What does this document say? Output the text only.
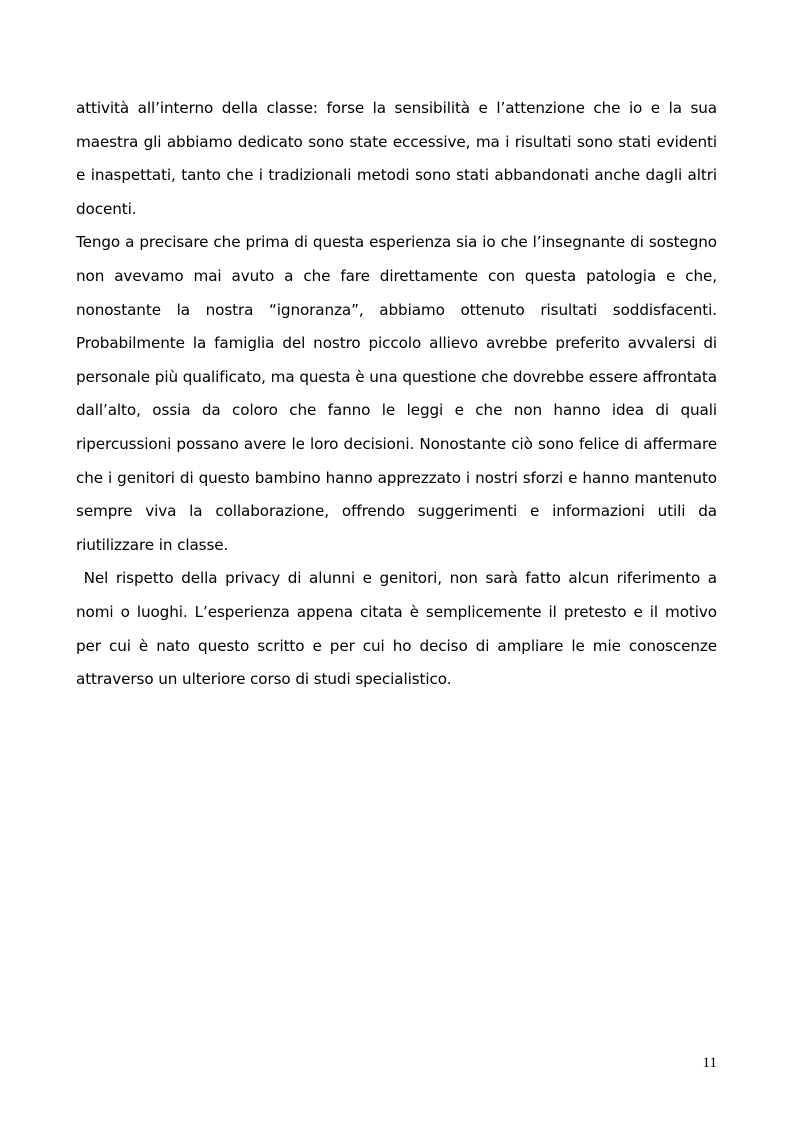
attività all’interno della classe: forse la sensibilità e l’attenzione che io e la sua maestra gli abbiamo dedicato sono state eccessive, ma i risultati sono stati evidenti e inaspettati, tanto che i tradizionali metodi sono stati abbandonati anche dagli altri docenti.

Tengo a precisare che prima di questa esperienza sia io che l’insegnante di sostegno non avevamo mai avuto a che fare direttamente con questa patologia e che, nonostante la nostra “ignoranza”, abbiamo ottenuto risultati soddisfacenti. Probabilmente la famiglia del nostro piccolo allievo avrebbe preferito avvalersi di personale più qualificato, ma questa è una questione che dovrebbe essere affrontata dall’alto, ossia da coloro che fanno le leggi e che non hanno idea di quali ripercussioni possano avere le loro decisioni. Nonostante ciò sono felice di affermare che i genitori di questo bambino hanno apprezzato i nostri sforzi e hanno mantenuto sempre viva la collaborazione, offrendo suggerimenti e informazioni utili da riutilizzare in classe.

Nel rispetto della privacy di alunni e genitori, non sarà fatto alcun riferimento a nomi o luoghi. L’esperienza appena citata è semplicemente il pretesto e il motivo per cui è nato questo scritto e per cui ho deciso di ampliare le mie conoscenze attraverso un ulteriore corso di studi specialistico.

11
